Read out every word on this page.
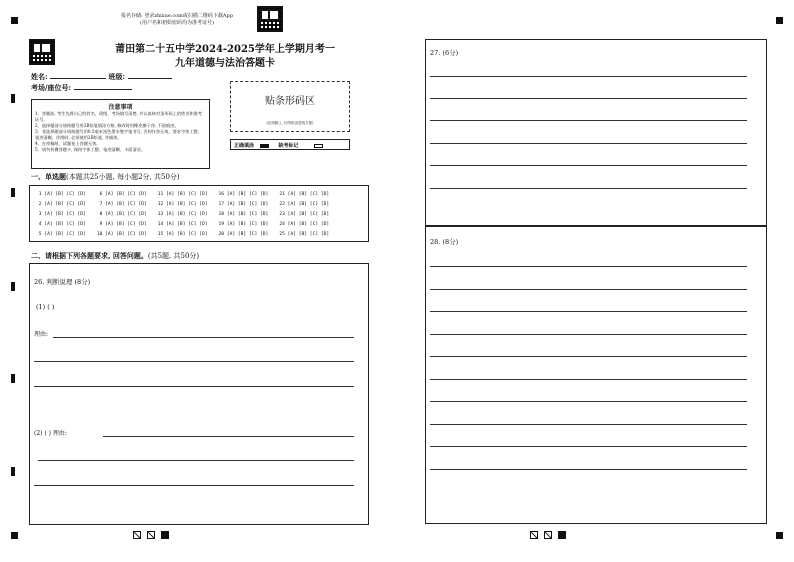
报名存储: 登录zhixue.com或扫描二维码下载App
(用户名和初始密码均为准考证号)
莆田第二十五中学2024-2025学年上学期月考一
九年道德与法治答题卡
姓名:	班级:
考场/座位号:
贴条形码区
(正面朝上, 切勿贴出虚线方框)
注意事项
1、答题前, 考生先将自己的姓名、班级、考场填写清楚, 并认真核对条形码上的姓名和准考证号。
2、选择题部分请按题号用2B铅笔填涂方框, 修改时用橡皮擦干净, 不留痕迹。
3、非选择题部分请按题号用0.5毫米黑色墨水签字笔书写, 否则作答无效。要求字体工整、笔迹清晰。作图时, 必须使用2B铅笔, 并描浓。
4、在草稿纸、试题卷上答题无效。
5、请勿折叠答题卡, 保持字体工整、笔迹清晰、卡面清洁。
正确填涂	缺考标记
一、单选题(本题共25小题, 每小题2分, 共50分)
1 [A] [B] [C] [D]     6 [A] [B] [C] [D]    11 [A] [B] [C] [D]    16 [A] [B] [C] [D]    21 [A] [B] [C] [D]
2 [A] [B] [C] [D]     7 [A] [B] [C] [D]    12 [A] [B] [C] [D]    17 [A] [B] [C] [D]    22 [A] [B] [C] [D]
3 [A] [B] [C] [D]     8 [A] [B] [C] [D]    13 [A] [B] [C] [D]    18 [A] [B] [C] [D]    23 [A] [B] [C] [D]
4 [A] [B] [C] [D]     9 [A] [B] [C] [D]    14 [A] [B] [C] [D]    19 [A] [B] [C] [D]    24 [A] [B] [C] [D]
5 [A] [B] [C] [D]    10 [A] [B] [C] [D]    15 [A] [B] [C] [D]    20 [A] [B] [C] [D]    25 [A] [B] [C] [D]
二、请根据下列各题要求, 回答问题。(共5题, 共50分)
26. 判断说理 (8分)
(1) ( )
理由:
(2) ( ) 理由:
27. (6分)
28. (8分)
